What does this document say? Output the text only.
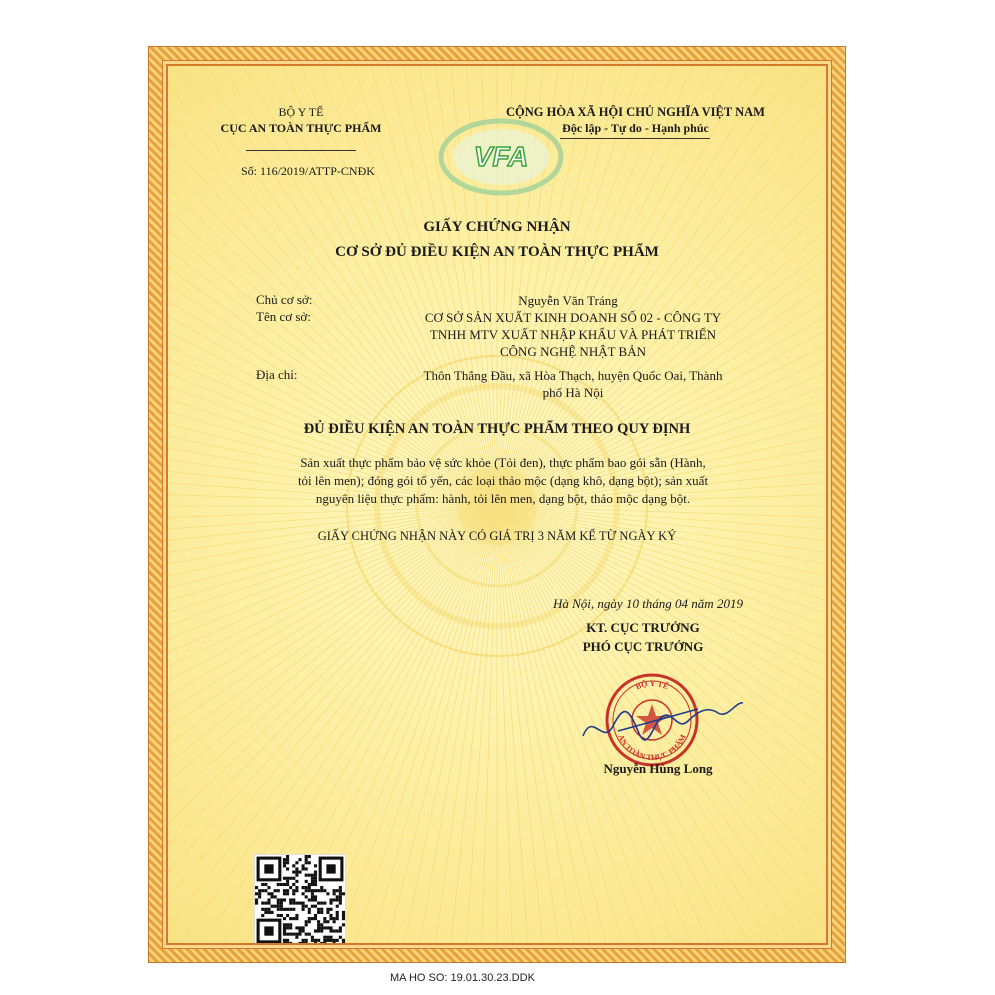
BỘ Y TẾ
CỤC AN TOÀN THỰC PHẨM
Số: 116/2019/ATTP-CNĐK
CỘNG HÒA XÃ HỘI CHỦ NGHĨA VIỆT NAM
Độc lập - Tự do - Hạnh phúc
VFA
GIẤY CHỨNG NHẬN
CƠ SỞ ĐỦ ĐIỀU KIỆN AN TOÀN THỰC PHẨM
Chủ cơ sở:	Nguyễn Văn Tráng
Tên cơ sở:	CƠ SỞ SẢN XUẤT KINH DOANH SỐ 02 - CÔNG TY
TNHH MTV XUẤT NHẬP KHẨU VÀ PHÁT TRIỂN
CÔNG NGHỆ NHẬT BẢN
Địa chỉ:	Thôn Thắng Đầu, xã Hòa Thạch, huyện Quốc Oai, Thành
phố Hà Nội
ĐỦ ĐIỀU KIỆN AN TOÀN THỰC PHẨM THEO QUY ĐỊNH
Sản xuất thực phẩm bảo vệ sức khỏe (Tỏi đen), thực phẩm bao gói sẵn (Hành,
tỏi lên men); đóng gói tổ yến, các loại thảo mộc (dạng khô, dạng bột); sản xuất
nguyên liệu thực phẩm: hành, tỏi lên men, dạng bột, thảo mộc dạng bột.
GIẤY CHỨNG NHẬN NÀY CÓ GIÁ TRỊ 3 NĂM KỂ TỪ NGÀY KÝ
Hà Nội, ngày 10 tháng 04 năm 2019
KT. CỤC TRƯỞNG
PHÓ CỤC TRƯỞNG
BỘ Y TẾ
AN TOÀN THỰC PHẨM
Nguyễn Hùng Long
MA HO SO: 19.01.30.23.DDK
